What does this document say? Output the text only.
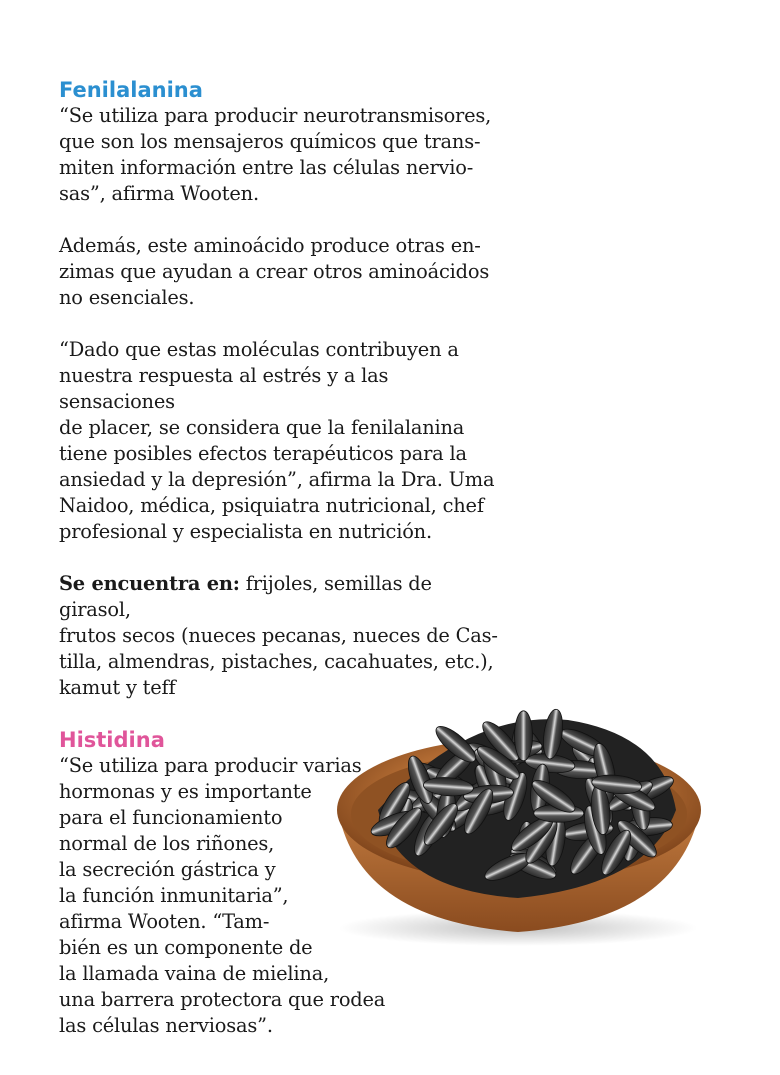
Fenilalanina

“Se utiliza para producir neurotransmisores,
que son los mensajeros químicos que trans-
miten información entre las células nervio-
sas”, afirma Wooten.

Además, este aminoácido produce otras en-
zimas que ayudan a crear otros aminoácidos
no esenciales.

“Dado que estas moléculas contribuyen a
nuestra respuesta al estrés y a las sensaciones
de placer, se considera que la fenilalanina
tiene posibles efectos terapéuticos para la
ansiedad y la depresión”, afirma la Dra. Uma
Naidoo, médica, psiquiatra nutricional, chef
profesional y especialista en nutrición.

Se encuentra en: frijoles, semillas de girasol,
frutos secos (nueces pecanas, nueces de Cas-
tilla, almendras, pistaches, cacahuates, etc.),
kamut y teff

Histidina

“Se utiliza para producir varias
hormonas y es importante
para el funcionamiento
normal de los riñones,
la secreción gástrica y
la función inmunitaria”,
afirma Wooten. “Tam-
bién es un componente de
la llamada vaina de mielina,
una barrera protectora que rodea
las células nerviosas”.
